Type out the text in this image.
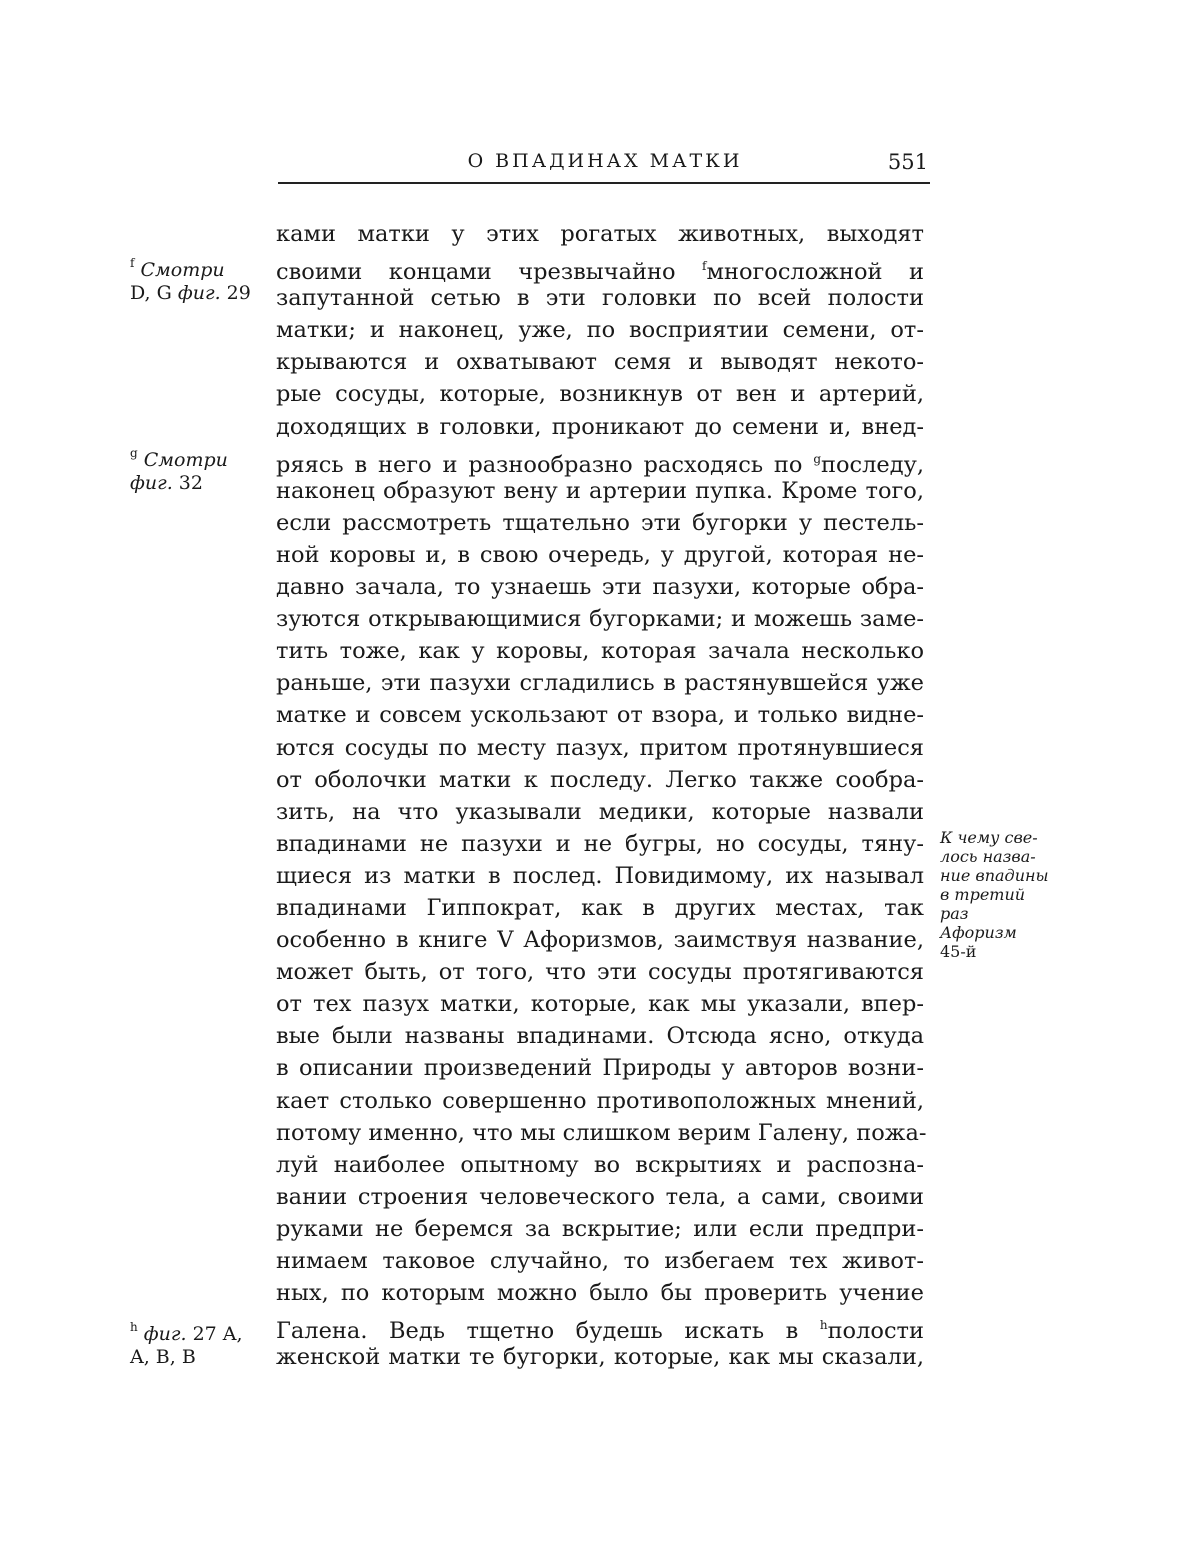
О ВПАДИНАХ МАТКИ	551
$^f$ Смотри
D, G фиг. 29
$^g$ Смотри
фиг. 32
$^h$ фиг. 27 A,
A, B, B
К чему све-
лось назва-
ние впадины
в третий
раз
Афоризм
45-й
ками матки у этих рогатых животных, выходят
своими концами чрезвычайно $^f$многосложной и
запутанной сетью в эти головки по всей полости
матки; и наконец, уже, по восприятии семени, от-
крываются и охватывают семя и выводят некото-
рые сосуды, которые, возникнув от вен и артерий,
доходящих в головки, проникают до семени и, внед-
ряясь в него и разнообразно расходясь по $^g$последу,
наконец образуют вену и артерии пупка. Кроме того,
если рассмотреть тщательно эти бугорки у пестель-
ной коровы и, в свою очередь, у другой, которая не-
давно зачала, то узнаешь эти пазухи, которые обра-
зуются открывающимися бугорками; и можешь заме-
тить тоже, как у коровы, которая зачала несколько
раньше, эти пазухи сгладились в растянувшейся уже
матке и совсем ускользают от взора, и только видне-
ются сосуды по месту пазух, притом протянувшиеся
от оболочки матки к последу. Легко также сообра-
зить, на что указывали медики, которые назвали
впадинами не пазухи и не бугры, но сосуды, тяну-
щиеся из матки в послед. Повидимому, их называл
впадинами Гиппократ, как в других местах, так
особенно в книге V Афоризмов, заимствуя название,
может быть, от того, что эти сосуды протягиваются
от тех пазух матки, которые, как мы указали, впер-
вые были названы впадинами. Отсюда ясно, откуда
в описании произведений Природы у авторов возни-
кает столько совершенно противоположных мнений,
потому именно, что мы слишком верим Галену, пожа-
луй наиболее опытному во вскрытиях и распозна-
вании строения человеческого тела, а сами, своими
руками не беремся за вскрытие; или если предпри-
нимаем таковое случайно, то избегаем тех живот-
ных, по которым можно было бы проверить учение
Галена. Ведь тщетно будешь искать в $^h$полости
женской матки те бугорки, которые, как мы сказали,
